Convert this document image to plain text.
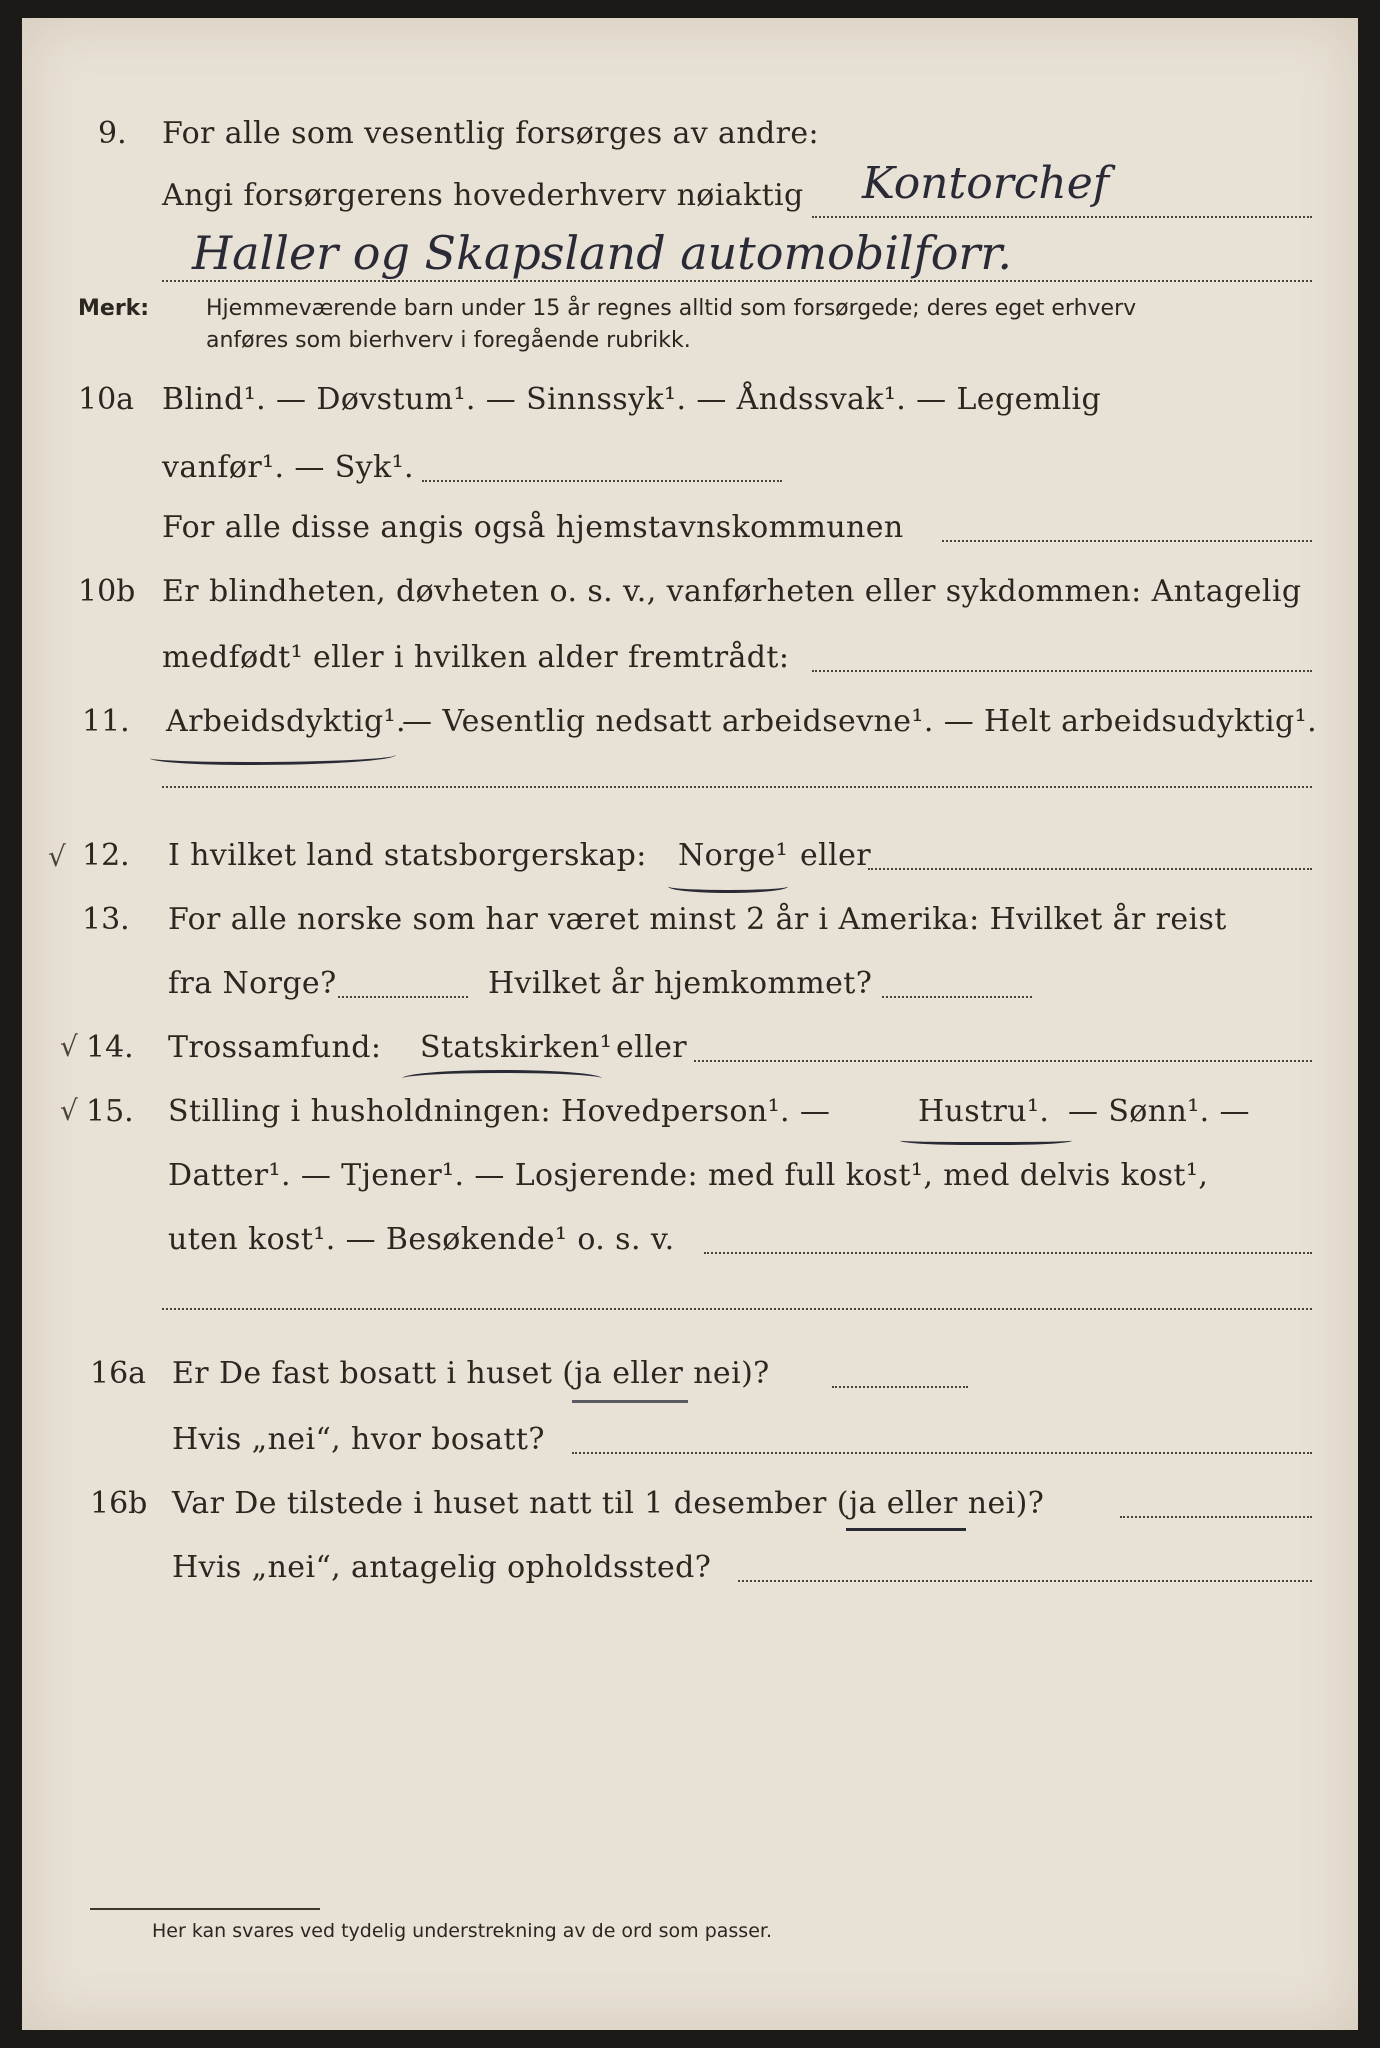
9. For alle som vesentlig forsørges av andre:
Angi forsørgerens hovederhverv nøiaktig Kontorchef
Haller og Skapsland automobilforr.
Merk:	Hjemmeværende barn under 15 år regnes alltid som forsørgede; deres eget erhverv
anføres som bierhverv i foregående rubrikk.
10a Blind¹. — Døvstum¹. — Sinnssyk¹. — Åndssvak¹. — Legemlig
vanfør¹. — Syk¹.
For alle disse angis også hjemstavnskommunen
10b Er blindheten, døvheten o. s. v., vanførheten eller sykdommen: Antagelig
medfødt¹ eller i hvilken alder fremtrådt:
11. Arbeidsdyktig¹.
— Vesentlig nedsatt arbeidsevne¹. — Helt arbeidsudyktig¹.
√ 12. I hvilket land statsborgerskap: Norge¹ eller
13. For alle norske som har været minst 2 år i Amerika: Hvilket år reist
fra Norge?	Hvilket år hjemkommet?
√ 14. Trossamfund: Statskirken¹ eller
√ 15. Stilling i husholdningen: Hovedperson¹. —	Hustru¹. — Sønn¹. —
Datter¹. — Tjener¹. — Losjerende: med full kost¹, med delvis kost¹,
uten kost¹. — Besøkende¹ o. s. v.
16a Er De fast bosatt i huset (ja eller nei)?
Hvis „nei“, hvor bosatt?
16b Var De tilstede i huset natt til 1 desember (ja eller nei)?
Hvis „nei“, antagelig opholdssted?
Her kan svares ved tydelig understrekning av de ord som passer.
